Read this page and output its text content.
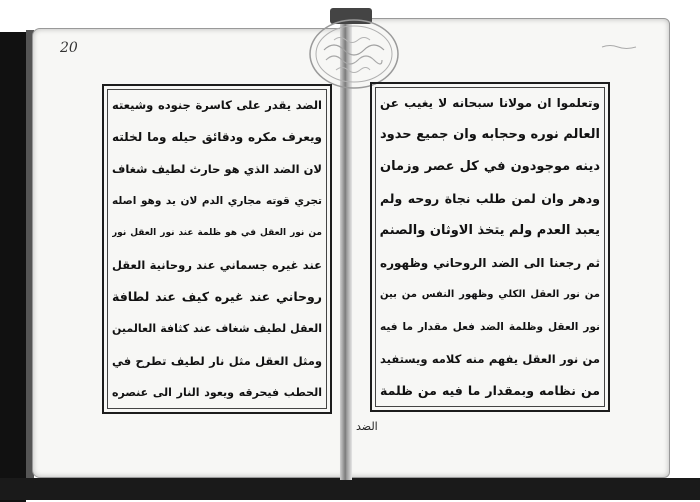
20
الضد يقدر على كاسرة جنوده وشيعته
ويعرف مكره ودقائق حيله وما لخلته
لان الضد الذي هو حارث لطيف شغاف
تجري قوته مجاري الدم لان يد وهو اصله
من نور العقل في هو ظلمة عند نور العقل نور
عند غيره جسماني عند روحانية العقل
روحاني عند غيره كيف عند لطافة
العقل لطيف شغاف عند كثافة العالمين
ومثل العقل مثل نار لطيف تطرح في
الحطب فيحرقه ويعود النار الى عنصره
وتعلموا ان مولانا سبحانه لا يغيب عن
العالم نوره وحجابه وان جميع حدود
دينه موجودون في كل عصر وزمان
ودهر وان لمن طلب نجاة روحه ولم
يعبد العدم ولم يتخذ الاوثان والصنم
ثم رجعنا الى الضد الروحاني وظهوره
من نور العقل الكلي وظهور النفس من بين
نور العقل وظلمة الضد فعل مقدار ما فيه
من نور العقل يفهم منه كلامه ويستفيد
من نظامه وبمقدار ما فيه من ظلمة
الضد
